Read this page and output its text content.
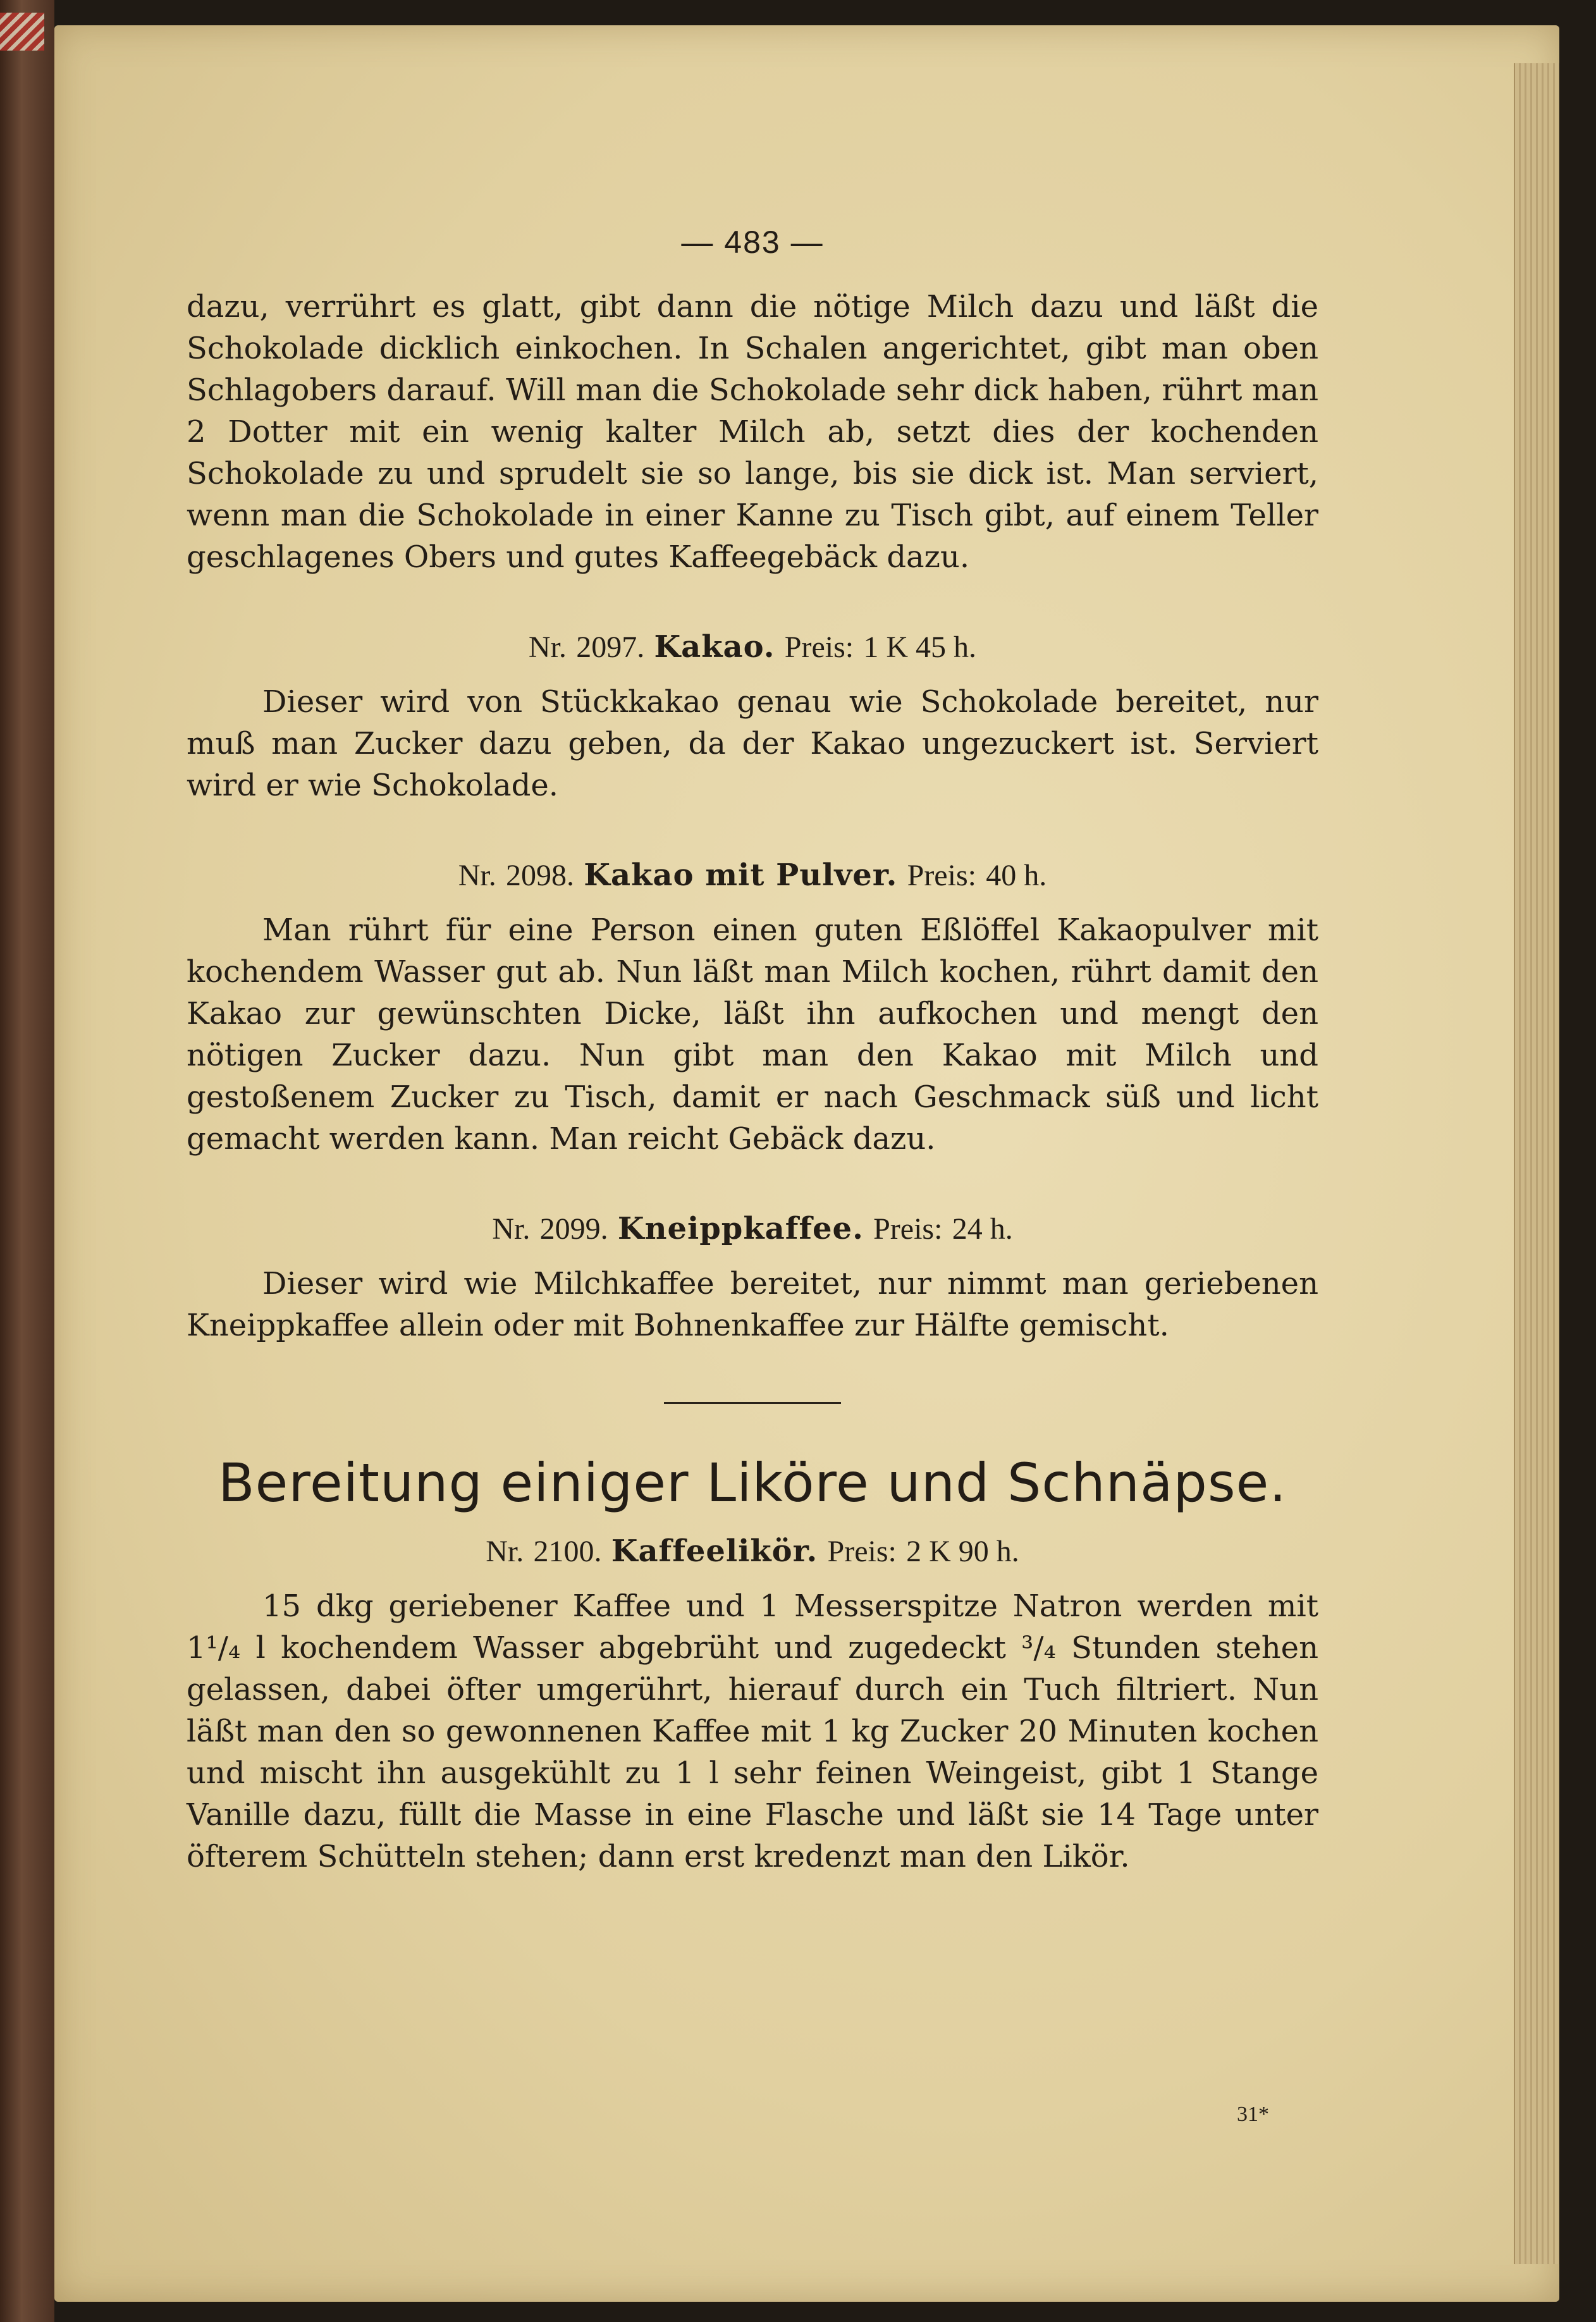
— 483 —

dazu, verrührt es glatt, gibt dann die nötige Milch dazu und läßt die Schokolade dicklich einkochen. In Schalen angerichtet, gibt man oben Schlagobers darauf. Will man die Schokolade sehr dick haben, rührt man 2 Dotter mit ein wenig kalter Milch ab, setzt dies der kochenden Schokolade zu und sprudelt sie so lange, bis sie dick ist. Man serviert, wenn man die Schokolade in einer Kanne zu Tisch gibt, auf einem Teller geschlagenes Obers und gutes Kaffeegebäck dazu.

Nr. 2097. Kakao. Preis: 1 K 45 h.

Dieser wird von Stückkakao genau wie Schokolade bereitet, nur muß man Zucker dazu geben, da der Kakao ungezuckert ist. Serviert wird er wie Schokolade.

Nr. 2098. Kakao mit Pulver. Preis: 40 h.

Man rührt für eine Person einen guten Eßlöffel Kakaopulver mit kochendem Wasser gut ab. Nun läßt man Milch kochen, rührt damit den Kakao zur gewünschten Dicke, läßt ihn aufkochen und mengt den nötigen Zucker dazu. Nun gibt man den Kakao mit Milch und gestoßenem Zucker zu Tisch, damit er nach Geschmack süß und licht gemacht werden kann. Man reicht Gebäck dazu.

Nr. 2099. Kneippkaffee. Preis: 24 h.

Dieser wird wie Milchkaffee bereitet, nur nimmt man geriebenen Kneippkaffee allein oder mit Bohnenkaffee zur Hälfte gemischt.

Bereitung einiger Liköre und Schnäpse.
Nr. 2100. Kaffeelikör. Preis: 2 K 90 h.

15 dkg geriebener Kaffee und 1 Messerspitze Natron werden mit 1¹/₄ l kochendem Wasser abgebrüht und zugedeckt ³/₄ Stunden stehen gelassen, dabei öfter umgerührt, hierauf durch ein Tuch filtriert. Nun läßt man den so gewonnenen Kaffee mit 1 kg Zucker 20 Minuten kochen und mischt ihn ausgekühlt zu 1 l sehr feinen Weingeist, gibt 1 Stange Vanille dazu, füllt die Masse in eine Flasche und läßt sie 14 Tage unter öfterem Schütteln stehen; dann erst kredenzt man den Likör.

31*
